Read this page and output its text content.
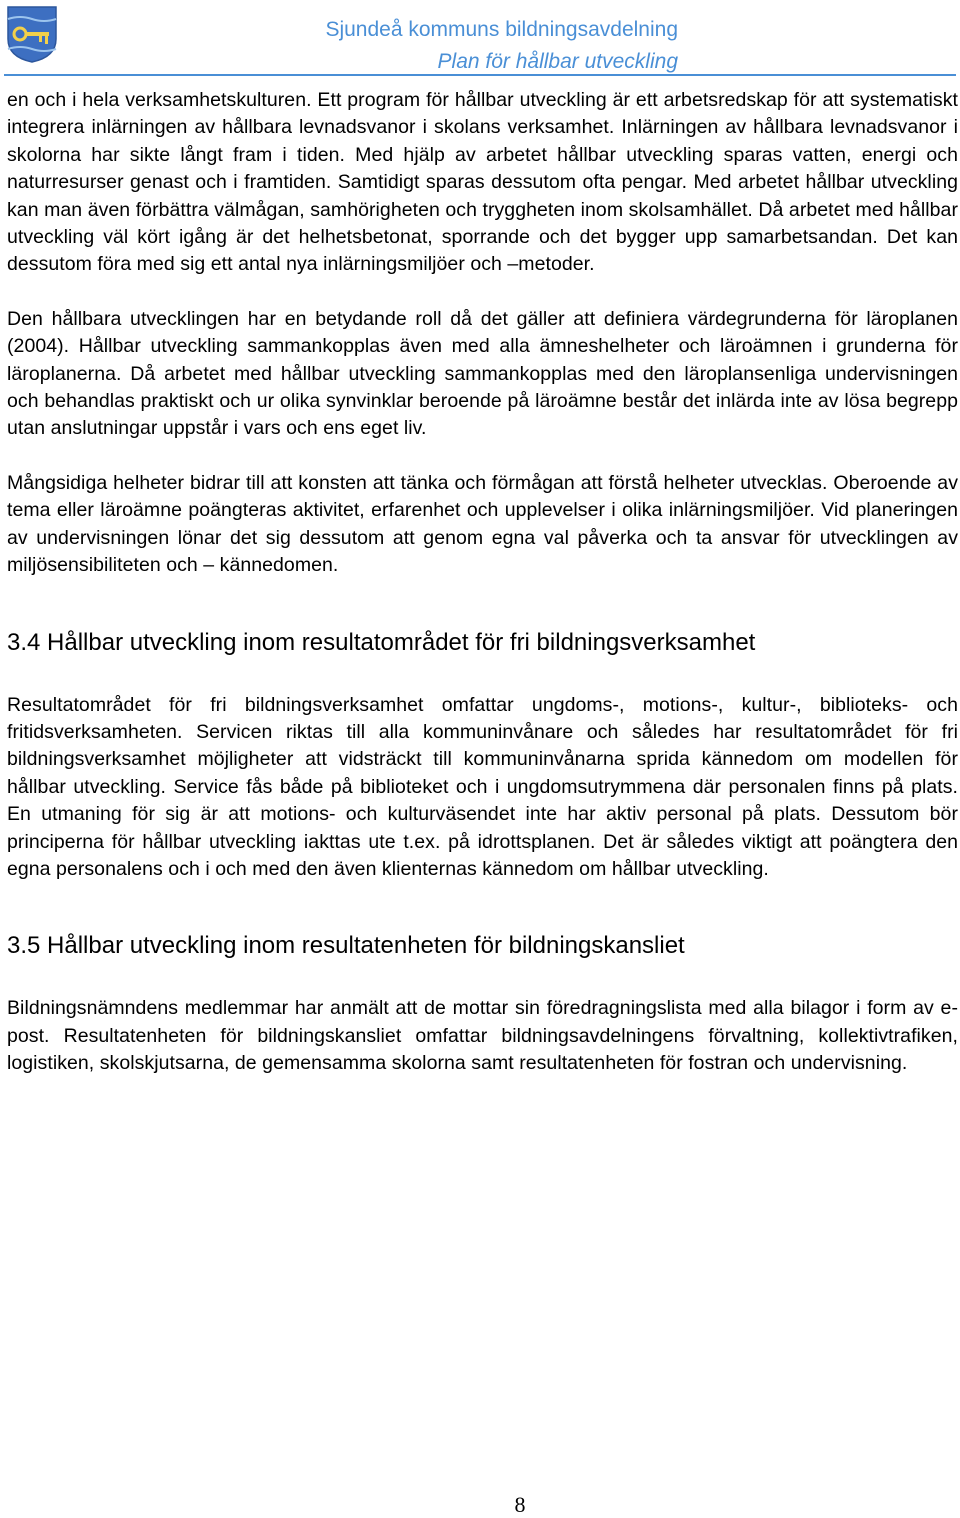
Sjundeå kommuns bildningsavdelning
Plan för hållbar utveckling

en och i hela verksamhetskulturen. Ett program för hållbar utveckling är ett arbetsredskap för att systematiskt integrera inlärningen av hållbara levnadsvanor i skolans verksamhet. Inlärningen av hållbara levnadsvanor i skolorna har sikte långt fram i tiden. Med hjälp av arbetet hållbar utveckling sparas vatten, energi och naturresurser genast och i framtiden. Samtidigt sparas dessutom ofta pengar. Med arbetet hållbar utveckling kan man även förbättra välmågan, samhörigheten och tryggheten inom skolsamhället. Då arbetet med hållbar utveckling väl kört igång är det helhetsbetonat, sporrande och det bygger upp samarbetsandan. Det kan dessutom föra med sig ett antal nya inlärningsmiljöer och –metoder.

Den hållbara utvecklingen har en betydande roll då det gäller att definiera värdegrunderna för läroplanen (2004). Hållbar utveckling sammankopplas även med alla ämneshelheter och läroämnen i grunderna för läroplanerna. Då arbetet med hållbar utveckling sammankopplas med den läroplansenliga undervisningen och behandlas praktiskt och ur olika synvinklar beroende på läroämne består det inlärda inte av lösa begrepp utan anslutningar uppstår i vars och ens eget liv.

Mångsidiga helheter bidrar till att konsten att tänka och förmågan att förstå helheter utvecklas. Oberoende av tema eller läroämne poängteras aktivitet, erfarenhet och upplevelser i olika inlärningsmiljöer. Vid planeringen av undervisningen lönar det sig dessutom att genom egna val påverka och ta ansvar för utvecklingen av miljösensibiliteten och – kännedomen.

3.4 Hållbar utveckling inom resultatområdet för fri bildningsverksamhet

Resultatområdet för fri bildningsverksamhet omfattar ungdoms-, motions-, kultur-, biblioteks- och fritidsverksamheten. Servicen riktas till alla kommuninvånare och således har resultatområdet för fri bildningsverksamhet möjligheter att vidsträckt till kommuninvånarna sprida kännedom om modellen för hållbar utveckling. Service fås både på biblioteket och i ungdomsutrymmena där personalen finns på plats. En utmaning för sig är att motions- och kulturväsendet inte har aktiv personal på plats. Dessutom bör principerna för hållbar utveckling iakttas ute t.ex. på idrottsplanen. Det är således viktigt att poängtera den egna personalens och i och med den även klienternas kännedom om hållbar utveckling.

3.5 Hållbar utveckling inom resultatenheten för bildningskansliet

Bildningsnämndens medlemmar har anmält att de mottar sin föredragningslista med alla bilagor i form av e-post. Resultatenheten för bildningskansliet omfattar bildningsavdelningens förvaltning, kollektivtrafiken, logistiken, skolskjutsarna, de gemensamma skolorna samt resultatenheten för fostran och undervisning.

8
